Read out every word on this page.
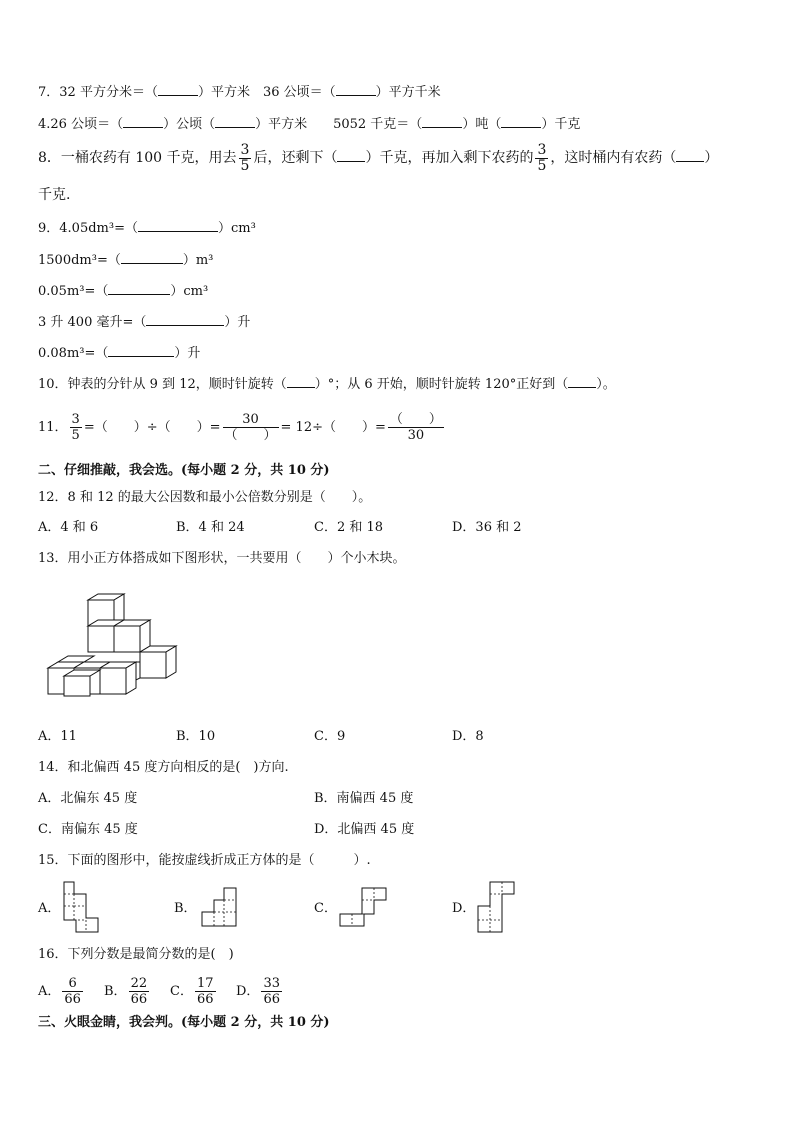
7．32 平方分米＝（	）平方米　36 公顷＝（	）平方千米
4.26 公顷＝（	）公顷（	）平方米　　5052 千克＝（	）吨（	）千克
8．一桶农药有 100 千克，用去 $\frac{3}{5}$ 后，还剩下（ ）千克，再加入剩下农药的 $\frac{3}{5}$ ，这时桶内有农药（ ）
千克.
9．4.05dm³=（	）cm³
1500dm³=（	）m³
0.05m³=（	）cm³
3 升 400 毫升=（	）升
0.08m³=（	）升
10．钟表的分针从 9 到 12，顺时针旋转（ ）°；从 6 开始，顺时针旋转 120°正好到（ ）。
11． $\frac{3}{5}$ =（　　）÷（　　）= $\frac{30}{( )} = 12\div$（　　）= $\frac{( )}{30}$
二、仔细推敲，我会选。(每小题 2 分，共 10 分)
12．8 和 12 的最大公因数和最小公倍数分别是（　　）。
A．4 和 6	B．4 和 24	C．2 和 18	D．36 和 2
13．用小正方体搭成如下图形状，一共要用（　　）个小木块。
A．11	B．10	C．9	D．8
14．和北偏西 45 度方向相反的是(　)方向.
A．北偏东 45 度	B．南偏西 45 度
C．南偏东 45 度	D．北偏西 45 度
15．下面的图形中，能按虚线折成正方体的是（　　　）.
A．	B．	C．	D．
16．下列分数是最简分数的是(　)
A． $\frac{6}{66}$ B． $\frac{22}{66}$ C． $\frac{17}{66}$ D． $\frac{33}{66}$
三、火眼金睛，我会判。(每小题 2 分，共 10 分)
